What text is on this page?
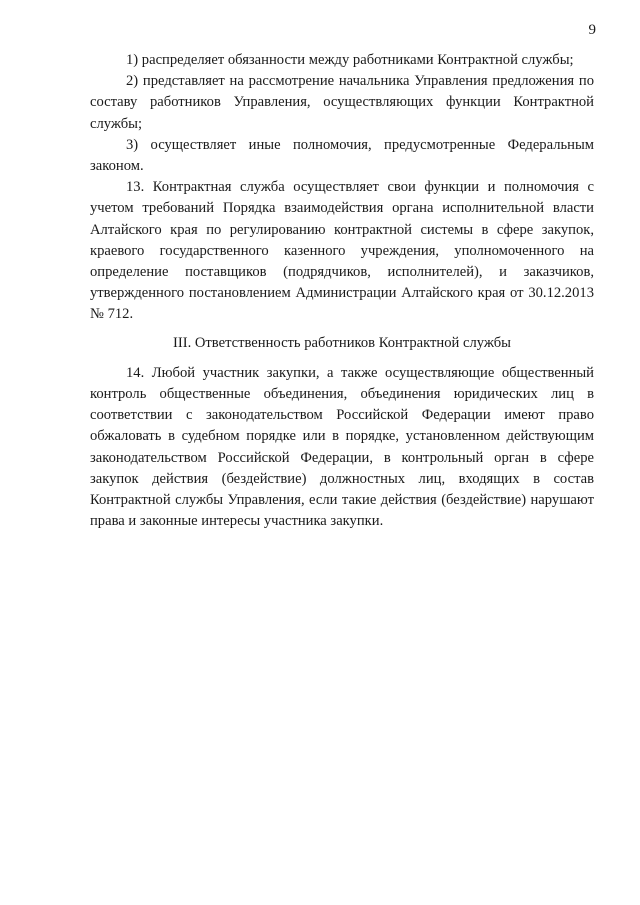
9

1) распределяет обязанности между работниками Контрактной службы;

2) представляет на рассмотрение начальника Управления предложения по составу работников Управления, осуществляющих функции Контрактной службы;

3) осуществляет иные полномочия, предусмотренные Федеральным законом.

13. Контрактная служба осуществляет свои функции и полномочия с учетом требований Порядка взаимодействия органа исполнительной власти Алтайского края по регулированию контрактной системы в сфере закупок, краевого государственного казенного учреждения, уполномоченного на определение поставщиков (подрядчиков, исполнителей), и заказчиков, утвержденного постановлением Администрации Алтайского края от 30.12.2013 № 712.

III. Ответственность работников Контрактной службы

14. Любой участник закупки, а также осуществляющие общественный контроль общественные объединения, объединения юридических лиц в соответствии с законодательством Российской Федерации имеют право обжаловать в судебном порядке или в порядке, установленном действующим законодательством Российской Федерации, в контрольный орган в сфере закупок действия (бездействие) должностных лиц, входящих в состав Контрактной службы Управления, если такие действия (бездействие) нарушают права и законные интересы участника закупки.
